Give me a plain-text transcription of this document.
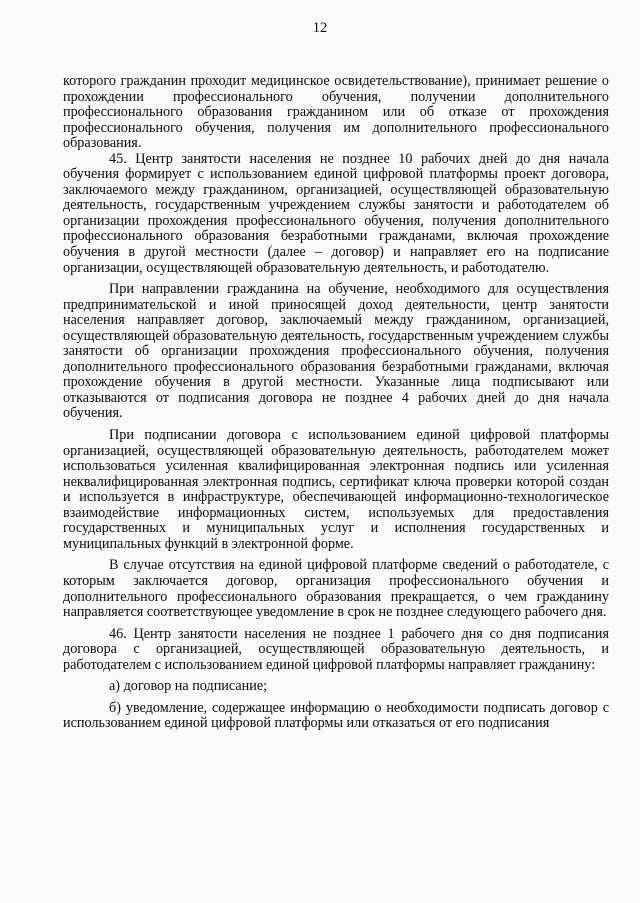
12

которого гражданин проходит медицинское освидетельствование), принимает решение о прохождении профессионального обучения, получении дополнительного профессионального образования гражданином или об отказе от прохождения профессионального обучения, получения им дополнительного профессионального образования.

45. Центр занятости населения не позднее 10 рабочих дней до дня начала обучения формирует с использованием единой цифровой платформы проект договора, заключаемого между гражданином, организацией, осуществляющей образовательную деятельность, государственным учреждением службы занятости и работодателем об организации прохождения профессионального обучения, получения дополнительного профессионального образования безработными гражданами, включая прохождение обучения в другой местности (далее – договор) и направляет его на подписание организации, осуществляющей образовательную деятельность, и работодателю.

При направлении гражданина на обучение, необходимого для осуществления предпринимательской и иной приносящей доход деятельности, центр занятости населения направляет договор, заключаемый между гражданином, организацией, осуществляющей образовательную деятельность, государственным учреждением службы занятости об организации прохождения профессионального обучения, получения дополнительного профессионального образования безработными гражданами, включая прохождение обучения в другой местности. Указанные лица подписывают или отказываются от подписания договора не позднее 4 рабочих дней до дня начала обучения.

При подписании договора с использованием единой цифровой платформы организацией, осуществляющей образовательную деятельность, работодателем может использоваться усиленная квалифицированная электронная подпись или усиленная неквалифицированная электронная подпись, сертификат ключа проверки которой создан и используется в инфраструктуре, обеспечивающей информационно-технологическое взаимодействие информационных систем, используемых для предоставления государственных и муниципальных услуг и исполнения государственных и муниципальных функций в электронной форме.

В случае отсутствия на единой цифровой платформе сведений о работодателе, с которым заключается договор, организация профессионального обучения и дополнительного профессионального образования прекращается, о чем гражданину направляется соответствующее уведомление в срок не позднее следующего рабочего дня.

46. Центр занятости населения не позднее 1 рабочего дня со дня подписания договора с организацией, осуществляющей образовательную деятельность, и работодателем с использованием единой цифровой платформы направляет гражданину:

а) договор на подписание;

б) уведомление, содержащее информацию о необходимости подписать договор с использованием единой цифровой платформы или отказаться от его подписания
